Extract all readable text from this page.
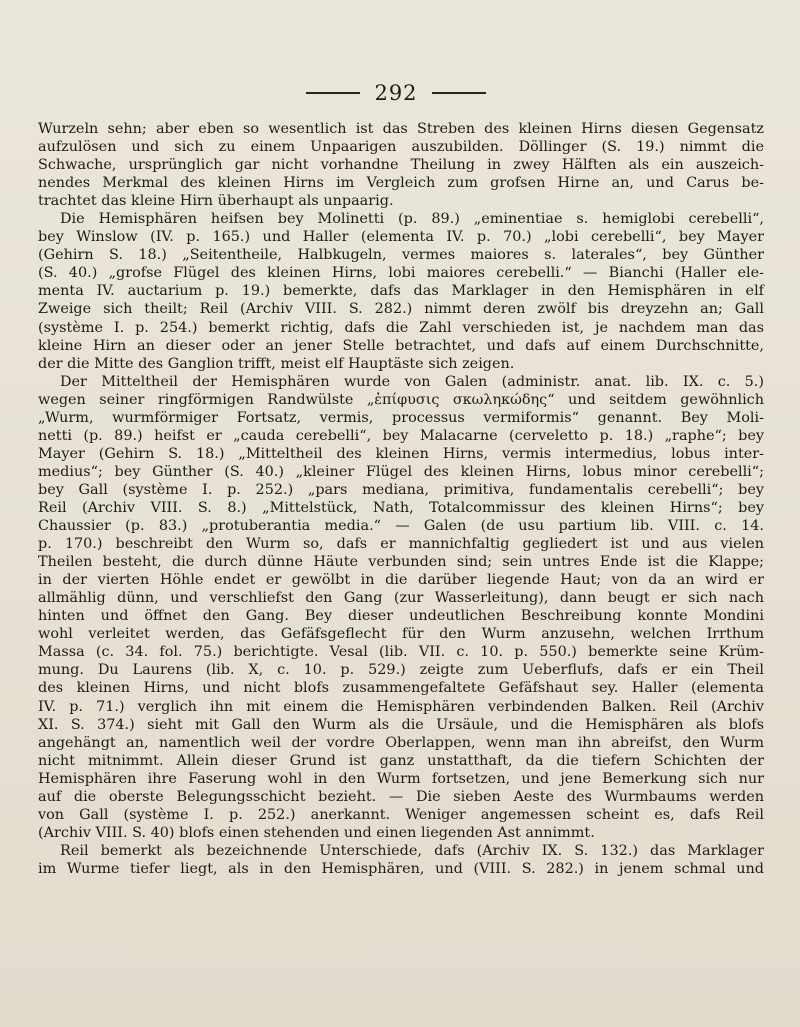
292
Wurzeln sehn; aber eben so wesentlich ist das Streben des kleinen Hirns diesen Gegensatz
aufzulösen und sich zu einem Unpaarigen auszubilden. Döllinger (S. 19.) nimmt die
Schwache, ursprünglich gar nicht vorhandne Theilung in zwey Hälften als ein auszeich-
nendes Merkmal des kleinen Hirns im Vergleich zum grofsen Hirne an, und Carus be-
trachtet das kleine Hirn überhaupt als unpaarig.
Die Hemisphären heifsen bey Molinetti (p. 89.) „eminentiae s. hemiglobi cerebelli“,
bey Winslow (IV. p. 165.) und Haller (elementa IV. p. 70.) „lobi cerebelli“, bey Mayer
(Gehirn S. 18.) „Seitentheile, Halbkugeln, vermes maiores s. laterales“, bey Günther
(S. 40.) „grofse Flügel des kleinen Hirns, lobi maiores cerebelli.“ — Bianchi (Haller ele-
menta IV. auctarium p. 19.) bemerkte, dafs das Marklager in den Hemisphären in elf
Zweige sich theilt; Reil (Archiv VIII. S. 282.) nimmt deren zwölf bis dreyzehn an; Gall
(système I. p. 254.) bemerkt richtig, dafs die Zahl verschieden ist, je nachdem man das
kleine Hirn an dieser oder an jener Stelle betrachtet, und dafs auf einem Durchschnitte,
der die Mitte des Ganglion trifft, meist elf Hauptäste sich zeigen.
Der Mitteltheil der Hemisphären wurde von Galen (administr. anat. lib. IX. c. 5.)
wegen seiner ringförmigen Randwülste „ἐπίφυσις σκωληκώδης“ und seitdem gewöhnlich
„Wurm, wurmförmiger Fortsatz, vermis, processus vermiformis“ genannt. Bey Moli-
netti (p. 89.) heifst er „cauda cerebelli“, bey Malacarne (cerveletto p. 18.) „raphe“; bey
Mayer (Gehirn S. 18.) „Mitteltheil des kleinen Hirns, vermis intermedius, lobus inter-
medius“; bey Günther (S. 40.) „kleiner Flügel des kleinen Hirns, lobus minor cerebelli“;
bey Gall (système I. p. 252.) „pars mediana, primitiva, fundamentalis cerebelli“; bey
Reil (Archiv VIII. S. 8.) „Mittelstück, Nath, Totalcommissur des kleinen Hirns“; bey
Chaussier (p. 83.) „protuberantia media.“ — Galen (de usu partium lib. VIII. c. 14.
p. 170.) beschreibt den Wurm so, dafs er mannichfaltig gegliedert ist und aus vielen
Theilen besteht, die durch dünne Häute verbunden sind; sein untres Ende ist die Klappe;
in der vierten Höhle endet er gewölbt in die darüber liegende Haut; von da an wird er
allmählig dünn, und verschliefst den Gang (zur Wasserleitung), dann beugt er sich nach
hinten und öffnet den Gang. Bey dieser undeutlichen Beschreibung konnte Mondini
wohl verleitet werden, das Gefäfsgeflecht für den Wurm anzusehn, welchen Irrthum
Massa (c. 34. fol. 75.) berichtigte. Vesal (lib. VII. c. 10. p. 550.) bemerkte seine Krüm-
mung. Du Laurens (lib. X, c. 10. p. 529.) zeigte zum Ueberflufs, dafs er ein Theil
des kleinen Hirns, und nicht blofs zusammengefaltete Gefäfshaut sey. Haller (elementa
IV. p. 71.) verglich ihn mit einem die Hemisphären verbindenden Balken. Reil (Archiv
XI. S. 374.) sieht mit Gall den Wurm als die Ursäule, und die Hemisphären als blofs
angehängt an, namentlich weil der vordre Oberlappen, wenn man ihn abreifst, den Wurm
nicht mitnimmt. Allein dieser Grund ist ganz unstatthaft, da die tiefern Schichten der
Hemisphären ihre Faserung wohl in den Wurm fortsetzen, und jene Bemerkung sich nur
auf die oberste Belegungsschicht bezieht. — Die sieben Aeste des Wurmbaums werden
von Gall (système I. p. 252.) anerkannt. Weniger angemessen scheint es, dafs Reil
(Archiv VIII. S. 40) blofs einen stehenden und einen liegenden Ast annimmt.
Reil bemerkt als bezeichnende Unterschiede, dafs (Archiv IX. S. 132.) das Marklager
im Wurme tiefer liegt, als in den Hemisphären, und (VIII. S. 282.) in jenem schmal und
